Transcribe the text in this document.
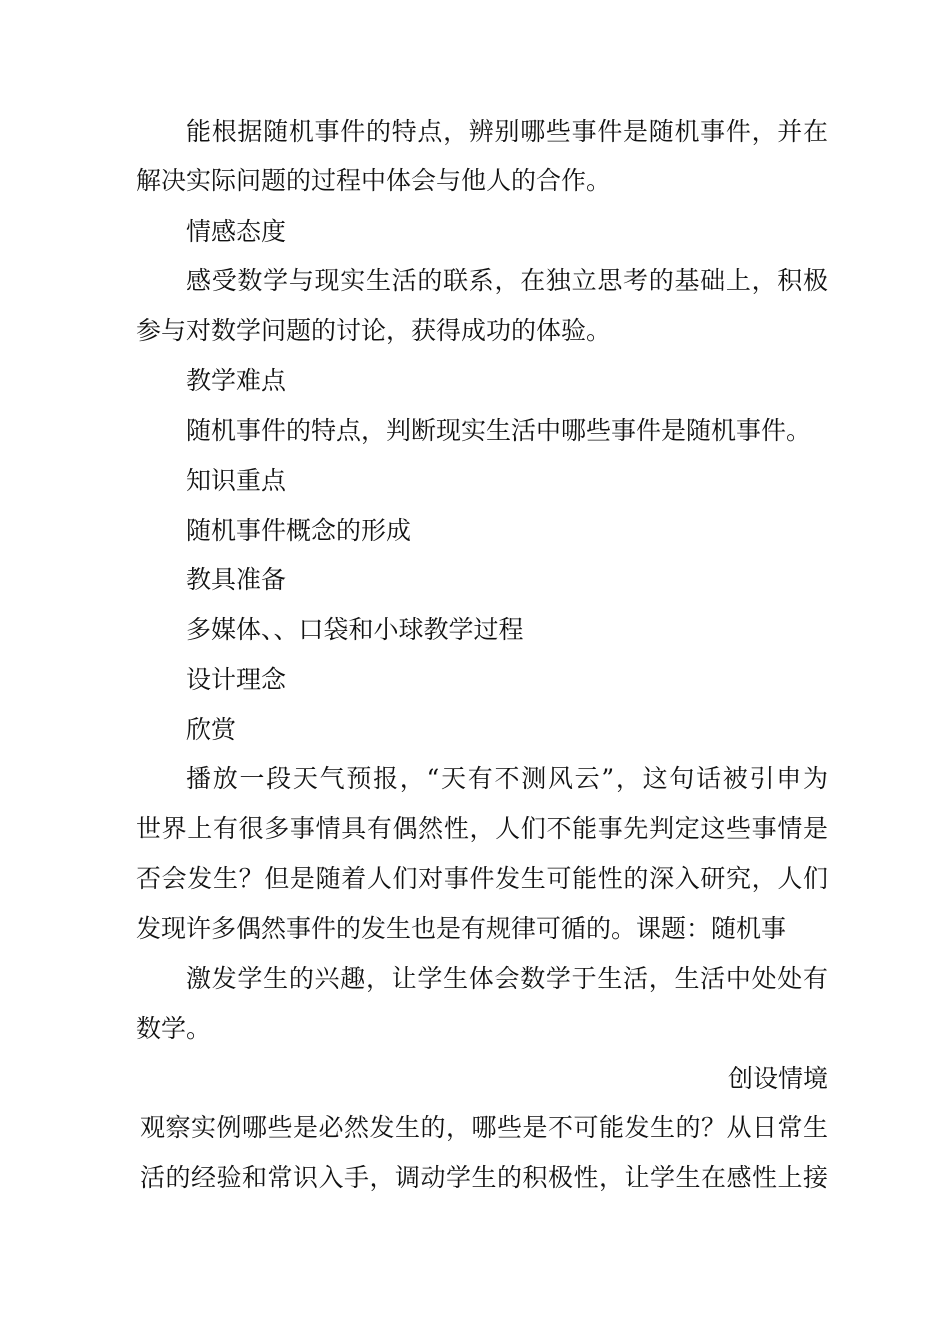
能根据随机事件的特点，辨别哪些事件是随机事件，并在
解决实际问题的过程中体会与他人的合作。
情感态度
感受数学与现实生活的联系，在独立思考的基础上，积极
参与对数学问题的讨论，获得成功的体验。
教学难点
随机事件的特点，判断现实生活中哪些事件是随机事件。
知识重点
随机事件概念的形成
教具准备
多媒体、、口袋和小球教学过程
设计理念
欣赏
播放一段天气预报，“天有不测风云”，这句话被引申为
世界上有很多事情具有偶然性，人们不能事先判定这些事情是
否会发生？但是随着人们对事件发生可能性的深入研究，人们
发现许多偶然事件的发生也是有规律可循的。课题：随机事
激发学生的兴趣，让学生体会数学于生活，生活中处处有
数学。
创设情境
观察实例哪些是必然发生的，哪些是不可能发生的？从日常生
活的经验和常识入手，调动学生的积极性，让学生在感性上接
